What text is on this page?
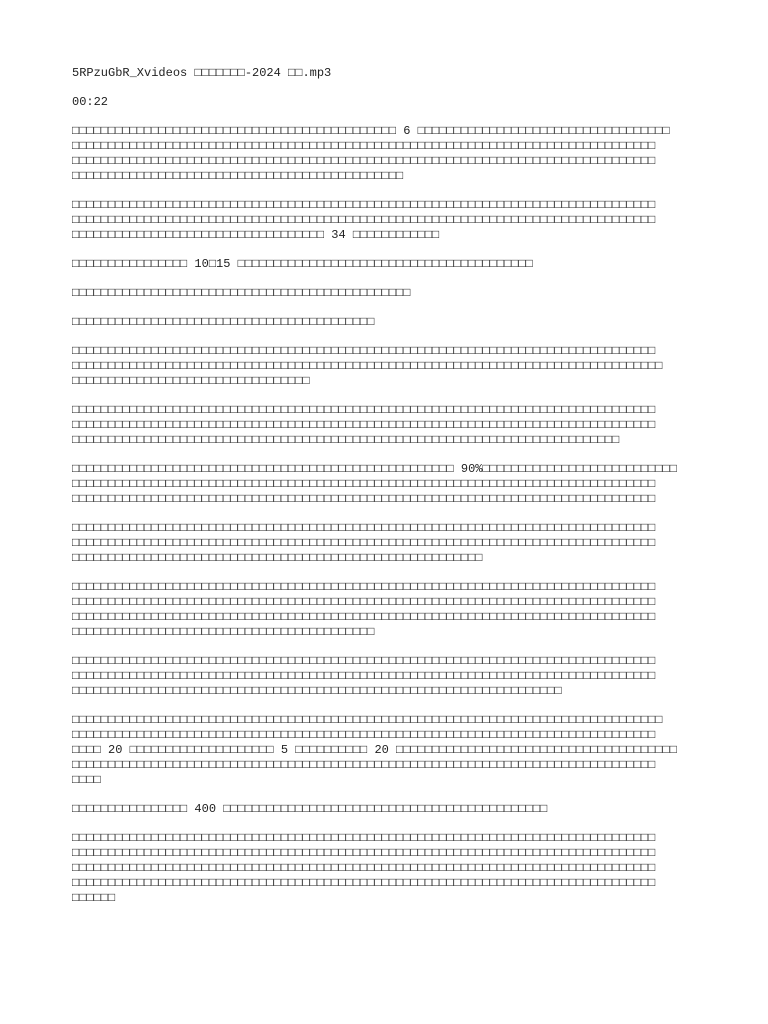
5RPzuGbR_Xvideos □□□□□□□-2024 □□.mp3
00:22

□□□□□□□□□□□□□□□□□□□□□□□□□□□□□□□□□□□□□□□□□□□□□ 6 □□□□□□□□□□□□□□□□□□□□□□□□□□□□□□□□□□□
□□□□□□□□□□□□□□□□□□□□□□□□□□□□□□□□□□□□□□□□□□□□□□□□□□□□□□□□□□□□□□□□□□□□□□□□□□□□□□□□□
□□□□□□□□□□□□□□□□□□□□□□□□□□□□□□□□□□□□□□□□□□□□□□□□□□□□□□□□□□□□□□□□□□□□□□□□□□□□□□□□□
□□□□□□□□□□□□□□□□□□□□□□□□□□□□□□□□□□□□□□□□□□□□□□

□□□□□□□□□□□□□□□□□□□□□□□□□□□□□□□□□□□□□□□□□□□□□□□□□□□□□□□□□□□□□□□□□□□□□□□□□□□□□□□□□
□□□□□□□□□□□□□□□□□□□□□□□□□□□□□□□□□□□□□□□□□□□□□□□□□□□□□□□□□□□□□□□□□□□□□□□□□□□□□□□□□
□□□□□□□□□□□□□□□□□□□□□□□□□□□□□□□□□□□ 34 □□□□□□□□□□□□

□□□□□□□□□□□□□□□□ 10□15 □□□□□□□□□□□□□□□□□□□□□□□□□□□□□□□□□□□□□□□□□

□□□□□□□□□□□□□□□□□□□□□□□□□□□□□□□□□□□□□□□□□□□□□□□

□□□□□□□□□□□□□□□□□□□□□□□□□□□□□□□□□□□□□□□□□□

□□□□□□□□□□□□□□□□□□□□□□□□□□□□□□□□□□□□□□□□□□□□□□□□□□□□□□□□□□□□□□□□□□□□□□□□□□□□□□□□□
□□□□□□□□□□□□□□□□□□□□□□□□□□□□□□□□□□□□□□□□□□□□□□□□□□□□□□□□□□□□□□□□□□□□□□□□□□□□□□□□□□
□□□□□□□□□□□□□□□□□□□□□□□□□□□□□□□□□

□□□□□□□□□□□□□□□□□□□□□□□□□□□□□□□□□□□□□□□□□□□□□□□□□□□□□□□□□□□□□□□□□□□□□□□□□□□□□□□□□
□□□□□□□□□□□□□□□□□□□□□□□□□□□□□□□□□□□□□□□□□□□□□□□□□□□□□□□□□□□□□□□□□□□□□□□□□□□□□□□□□
□□□□□□□□□□□□□□□□□□□□□□□□□□□□□□□□□□□□□□□□□□□□□□□□□□□□□□□□□□□□□□□□□□□□□□□□□□□□

□□□□□□□□□□□□□□□□□□□□□□□□□□□□□□□□□□□□□□□□□□□□□□□□□□□□□ 90%□□□□□□□□□□□□□□□□□□□□□□□□□□□
□□□□□□□□□□□□□□□□□□□□□□□□□□□□□□□□□□□□□□□□□□□□□□□□□□□□□□□□□□□□□□□□□□□□□□□□□□□□□□□□□
□□□□□□□□□□□□□□□□□□□□□□□□□□□□□□□□□□□□□□□□□□□□□□□□□□□□□□□□□□□□□□□□□□□□□□□□□□□□□□□□□

□□□□□□□□□□□□□□□□□□□□□□□□□□□□□□□□□□□□□□□□□□□□□□□□□□□□□□□□□□□□□□□□□□□□□□□□□□□□□□□□□
□□□□□□□□□□□□□□□□□□□□□□□□□□□□□□□□□□□□□□□□□□□□□□□□□□□□□□□□□□□□□□□□□□□□□□□□□□□□□□□□□
□□□□□□□□□□□□□□□□□□□□□□□□□□□□□□□□□□□□□□□□□□□□□□□□□□□□□□□□□

□□□□□□□□□□□□□□□□□□□□□□□□□□□□□□□□□□□□□□□□□□□□□□□□□□□□□□□□□□□□□□□□□□□□□□□□□□□□□□□□□
□□□□□□□□□□□□□□□□□□□□□□□□□□□□□□□□□□□□□□□□□□□□□□□□□□□□□□□□□□□□□□□□□□□□□□□□□□□□□□□□□
□□□□□□□□□□□□□□□□□□□□□□□□□□□□□□□□□□□□□□□□□□□□□□□□□□□□□□□□□□□□□□□□□□□□□□□□□□□□□□□□□
□□□□□□□□□□□□□□□□□□□□□□□□□□□□□□□□□□□□□□□□□□

□□□□□□□□□□□□□□□□□□□□□□□□□□□□□□□□□□□□□□□□□□□□□□□□□□□□□□□□□□□□□□□□□□□□□□□□□□□□□□□□□
□□□□□□□□□□□□□□□□□□□□□□□□□□□□□□□□□□□□□□□□□□□□□□□□□□□□□□□□□□□□□□□□□□□□□□□□□□□□□□□□□
□□□□□□□□□□□□□□□□□□□□□□□□□□□□□□□□□□□□□□□□□□□□□□□□□□□□□□□□□□□□□□□□□□□□

□□□□□□□□□□□□□□□□□□□□□□□□□□□□□□□□□□□□□□□□□□□□□□□□□□□□□□□□□□□□□□□□□□□□□□□□□□□□□□□□□□
□□□□□□□□□□□□□□□□□□□□□□□□□□□□□□□□□□□□□□□□□□□□□□□□□□□□□□□□□□□□□□□□□□□□□□□□□□□□□□□□□
□□□□ 20 □□□□□□□□□□□□□□□□□□□□ 5 □□□□□□□□□□ 20 □□□□□□□□□□□□□□□□□□□□□□□□□□□□□□□□□□□□□□□
□□□□□□□□□□□□□□□□□□□□□□□□□□□□□□□□□□□□□□□□□□□□□□□□□□□□□□□□□□□□□□□□□□□□□□□□□□□□□□□□□
□□□□

□□□□□□□□□□□□□□□□ 400 □□□□□□□□□□□□□□□□□□□□□□□□□□□□□□□□□□□□□□□□□□□□□

□□□□□□□□□□□□□□□□□□□□□□□□□□□□□□□□□□□□□□□□□□□□□□□□□□□□□□□□□□□□□□□□□□□□□□□□□□□□□□□□□
□□□□□□□□□□□□□□□□□□□□□□□□□□□□□□□□□□□□□□□□□□□□□□□□□□□□□□□□□□□□□□□□□□□□□□□□□□□□□□□□□
□□□□□□□□□□□□□□□□□□□□□□□□□□□□□□□□□□□□□□□□□□□□□□□□□□□□□□□□□□□□□□□□□□□□□□□□□□□□□□□□□
□□□□□□□□□□□□□□□□□□□□□□□□□□□□□□□□□□□□□□□□□□□□□□□□□□□□□□□□□□□□□□□□□□□□□□□□□□□□□□□□□
□□□□□□
